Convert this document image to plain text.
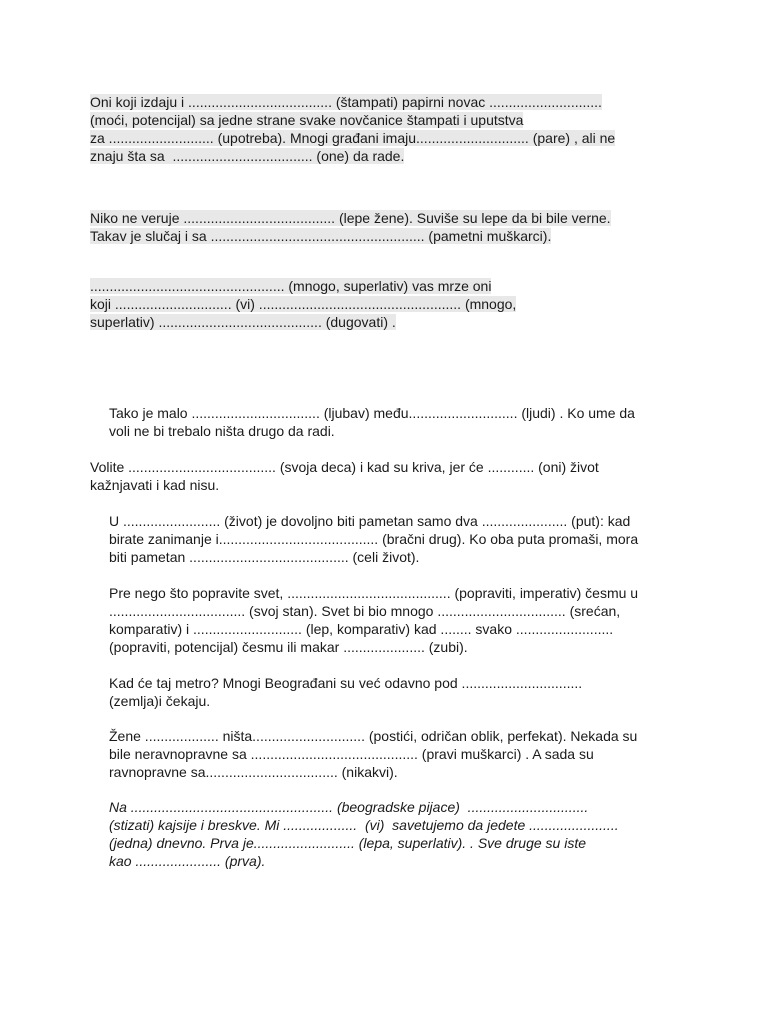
Oni koji izdaju i ..................................... (štampati) papirni novac .............................
(moći, potencijal) sa jedne strane svake novčanice štampati i uputstva
za ........................... (upotreba). Mnogi građani imaju............................. (pare) , ali ne
znaju šta sa  .................................... (one) da rade.
Niko ne veruje ....................................... (lepe žene). Suviše su lepe da bi bile verne.
Takav je slučaj i sa ....................................................... (pametni muškarci).
.................................................. (mnogo, superlativ) vas mrze oni
koji .............................. (vi) .................................................... (mnogo,
superlativ) .......................................... (dugovati) .
Tako je malo ................................. (ljubav) među............................ (ljudi) . Ko ume da
voli ne bi trebalo ništa drugo da radi.
Volite ...................................... (svoja deca) i kad su kriva, jer će ............ (oni) život
kažnjavati i kad nisu.
U ......................... (život) je dovoljno biti pametan samo dva ...................... (put): kad
birate zanimanje i......................................... (bračni drug). Ko oba puta promaši, mora
biti pametan ......................................... (celi život).
Pre nego što popravite svet, .......................................... (popraviti, imperativ) česmu u
................................... (svoj stan). Svet bi bio mnogo ................................. (srećan,
komparativ) i ............................ (lep, komparativ) kad ........ svako .........................
(popraviti, potencijal) česmu ili makar ..................... (zubi).
Kad će taj metro? Mnogi Beograđani su već odavno pod ...............................
(zemlja)i čekaju.
Žene ................... ništa............................. (postići, odričan oblik, perfekat). Nekada su
bile neravnopravne sa ........................................... (pravi muškarci) . A sada su
ravnopravne sa.................................. (nikakvi).
Na .................................................... (beogradske pijace)  ...............................
(stizati) kajsije i breskve. Mi ...................  (vi)  savetujemo da jedete .......................
(jedna) dnevno. Prva je.......................... (lepa, superlativ). . Sve druge su iste
kao ...................... (prva).
